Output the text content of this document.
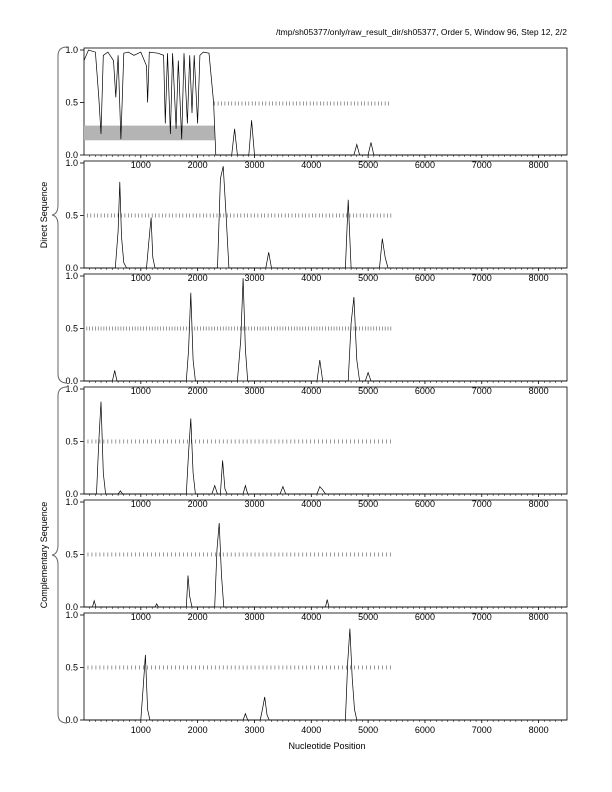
/tmp/sh05377/only/raw_result_dir/sh05377, Order 5, Window 96, Step 12, 2/2
0.0
0.5
1.0
1000	2000	3000	4000	5000	6000	7000	8000
0.0
0.5
1.0
1000	2000	3000	4000	5000	6000	7000	8000
0.0
0.5
1.0
1000	2000	3000	4000	5000	6000	7000	8000
0.0
0.5
1.0
1000	2000	3000	4000	5000	6000	7000	8000
0.0
0.5
1.0
1000	2000	3000	4000	5000	6000	7000	8000
0.0
0.5
1.0
1000	2000	3000	4000	5000	6000	7000	8000
Nucleotide Position
Direct Sequence
Complementary Sequence
